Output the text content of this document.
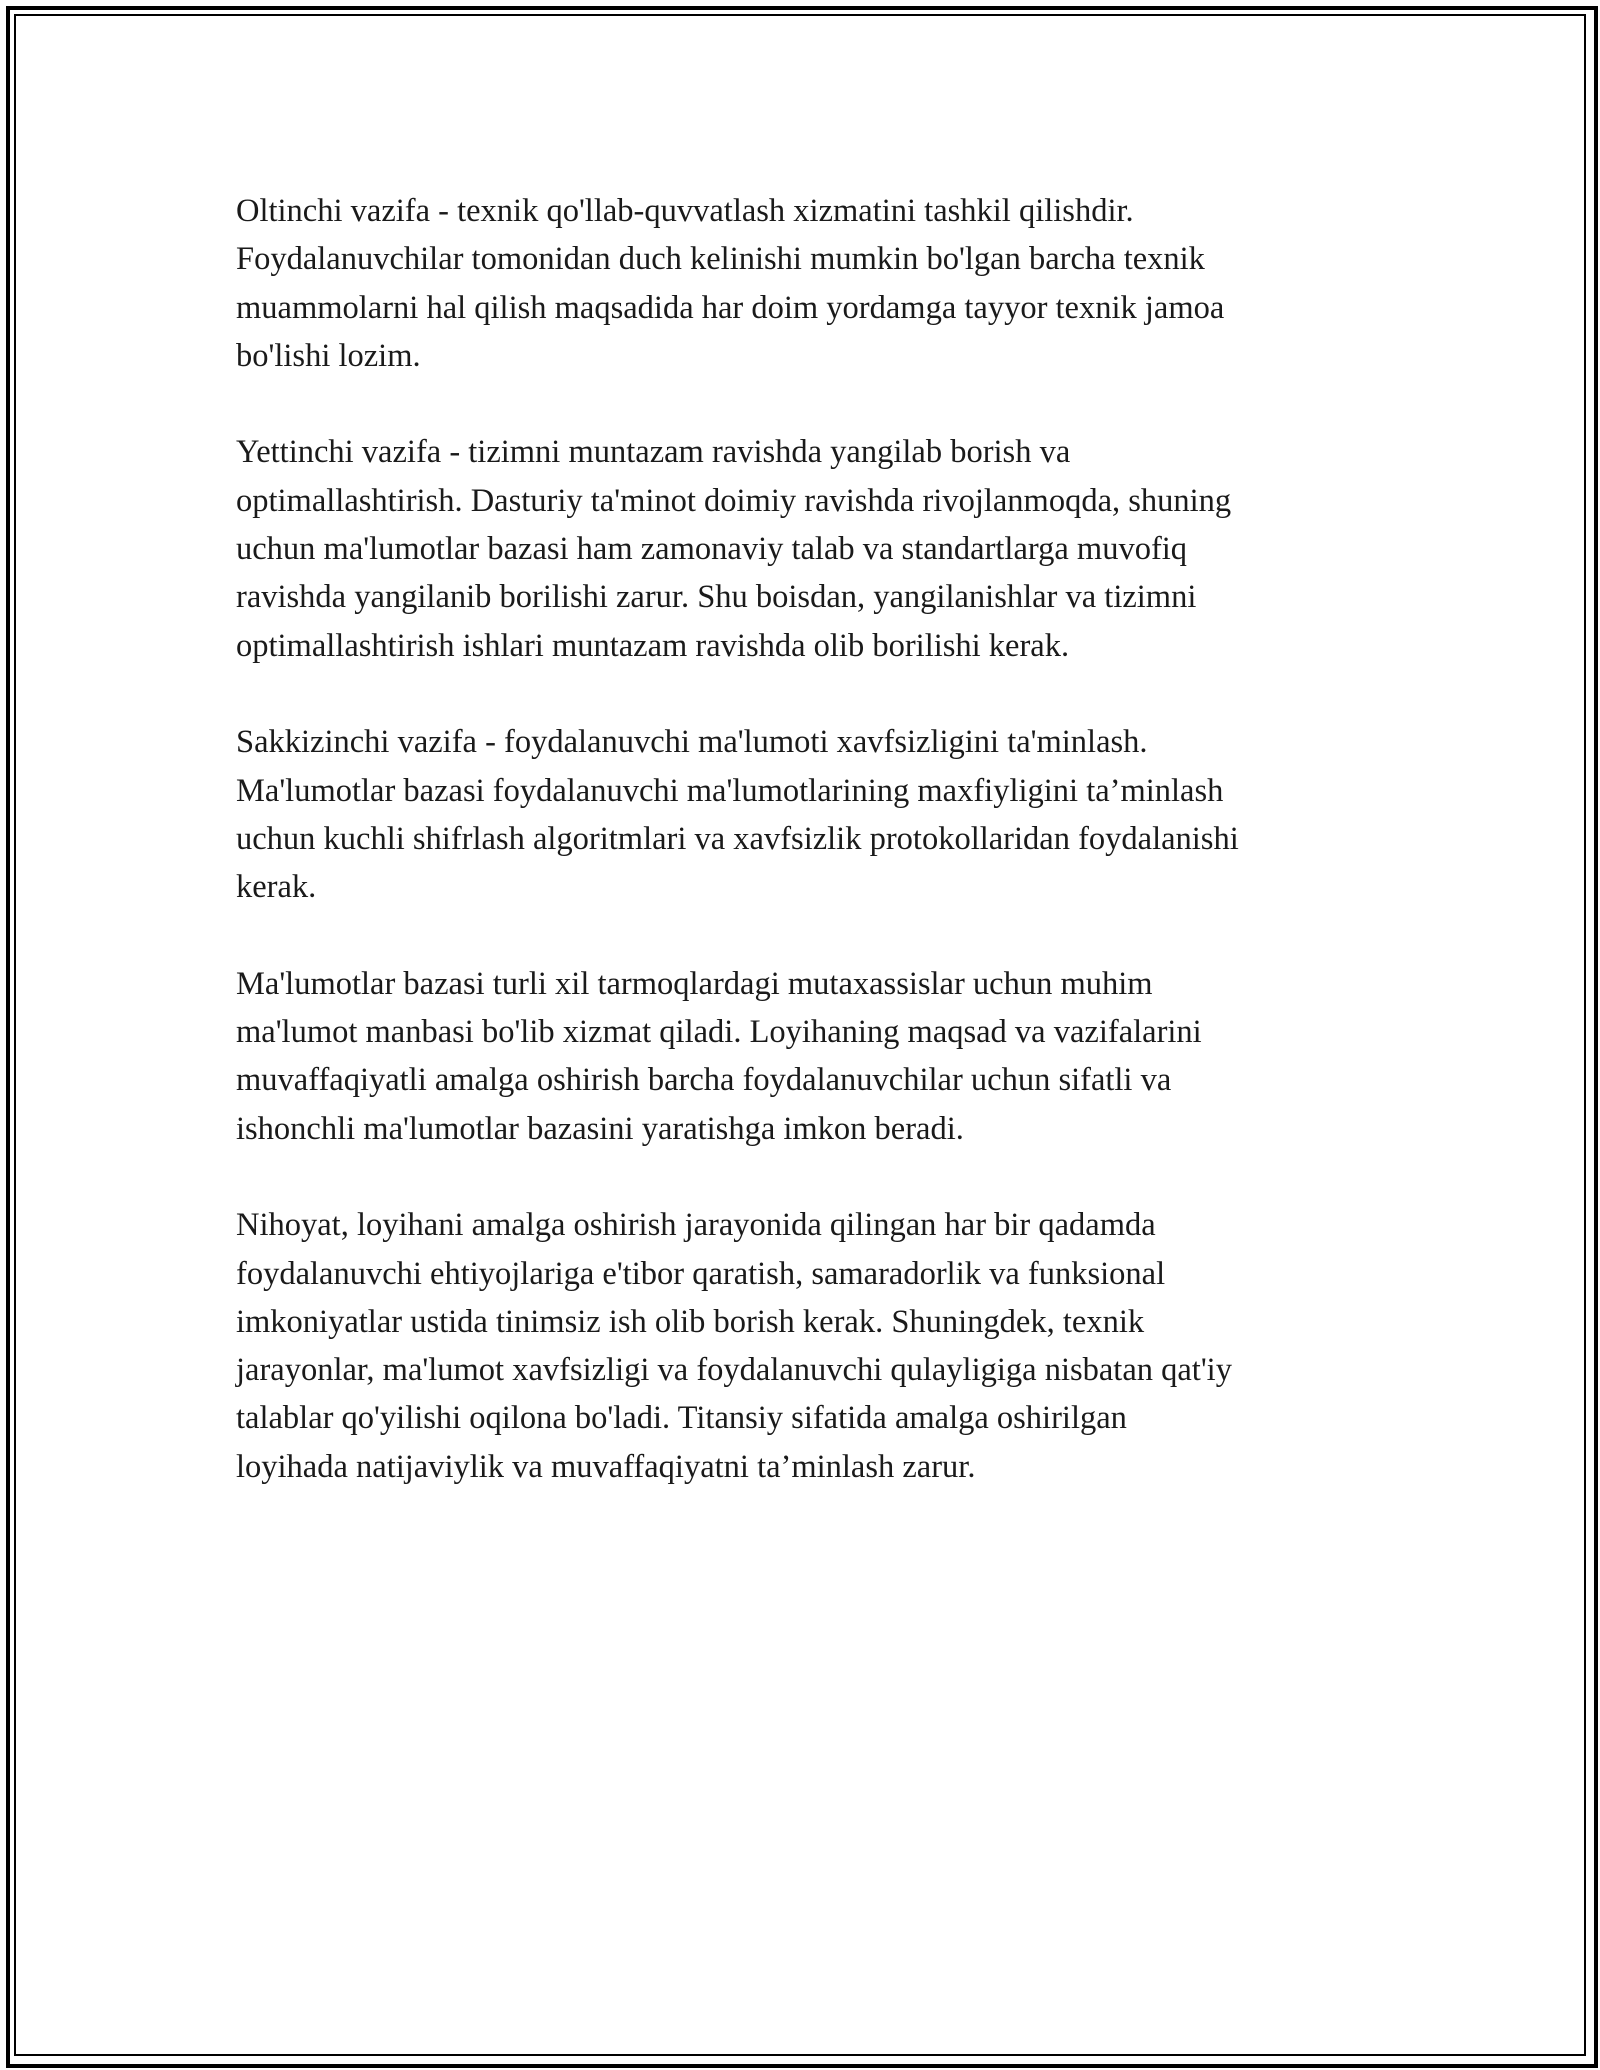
Oltinchi vazifa - texnik qo'llab-quvvatlash xizmatini tashkil qilishdir.
Foydalanuvchilar tomonidan duch kelinishi mumkin bo'lgan barcha texnik
muammolarni hal qilish maqsadida har doim yordamga tayyor texnik jamoa
bo'lishi lozim.

Yettinchi vazifa - tizimni muntazam ravishda yangilab borish va
optimallashtirish. Dasturiy ta'minot doimiy ravishda rivojlanmoqda, shuning
uchun ma'lumotlar bazasi ham zamonaviy talab va standartlarga muvofiq
ravishda yangilanib borilishi zarur. Shu boisdan, yangilanishlar va tizimni
optimallashtirish ishlari muntazam ravishda olib borilishi kerak.

Sakkizinchi vazifa - foydalanuvchi ma'lumoti xavfsizligini ta'minlash.
Ma'lumotlar bazasi foydalanuvchi ma'lumotlarining maxfiyligini ta’minlash
uchun kuchli shifrlash algoritmlari va xavfsizlik protokollaridan foydalanishi
kerak.

Ma'lumotlar bazasi turli xil tarmoqlardagi mutaxassislar uchun muhim
ma'lumot manbasi bo'lib xizmat qiladi. Loyihaning maqsad va vazifalarini
muvaffaqiyatli amalga oshirish barcha foydalanuvchilar uchun sifatli va
ishonchli ma'lumotlar bazasini yaratishga imkon beradi.

Nihoyat, loyihani amalga oshirish jarayonida qilingan har bir qadamda
foydalanuvchi ehtiyojlariga e'tibor qaratish, samaradorlik va funksional
imkoniyatlar ustida tinimsiz ish olib borish kerak. Shuningdek, texnik
jarayonlar, ma'lumot xavfsizligi va foydalanuvchi qulayligiga nisbatan qat'iy
talablar qo'yilishi oqilona bo'ladi. Titansiy sifatida amalga oshirilgan
loyihada natijaviylik va muvaffaqiyatni ta’minlash zarur.
